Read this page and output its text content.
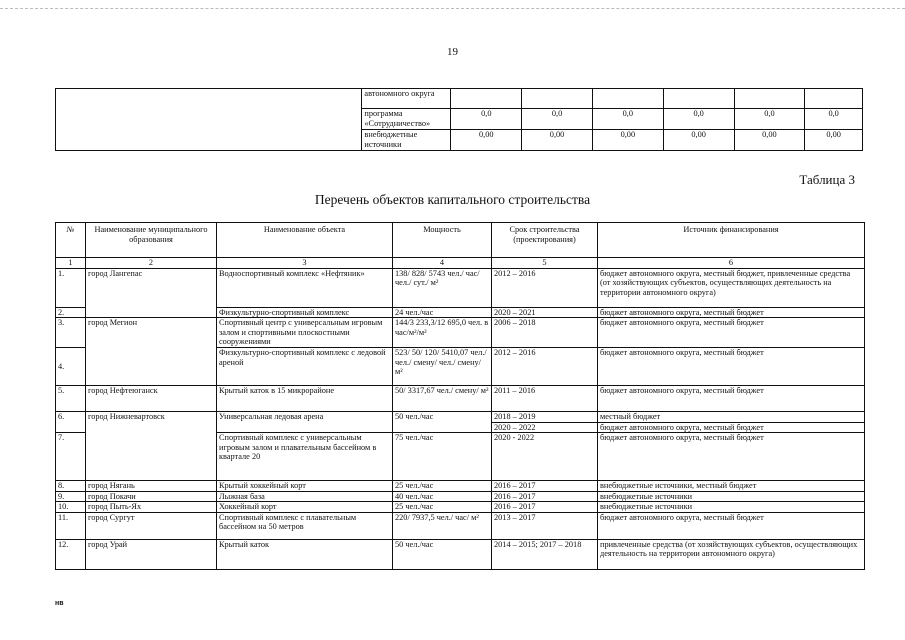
19
	автономного округа						
	программа «Сотрудничество»	0,0	0,0	0,0	0,0	0,0	0,0
	внебюджетные источники	0,00	0,00	0,00	0,00	0,00	0,00
Таблица 3
Перечень объектов капитального строительства
№	Наименование муниципального образования	Наименование объекта	Мощность	Срок строительства (проектирования)	Источник финансирования
1	2	3	4	5	6
1.	город Лангепас	Водноспортивный комплекс «Нефтяник»	138/ 828/ 5743 чел./ час/ чел./ сут./ м²	2012 – 2016	бюджет автономного округа, местный бюджет, привлеченные средства (от хозяйствующих субъектов, осуществляющих деятельность на территории автономного округа)
2.		Физкультурно-спортивный комплекс	24 чел./час	2020 – 2021	бюджет автономного округа, местный бюджет
3.	город Мегион	Спортивный центр с универсальным игровым залом и спортивными плоскостными сооружениями	144/3 233,3/12 695,0 чел. в час/м²/м²	2006 – 2018	бюджет автономного округа, местный бюджет
4.		Физкультурно-спортивный комплекс с ледовой ареной	523/ 50/ 120/ 5410,07 чел./ чел./ смену/ чел./ смену/ м²	2012 – 2016	бюджет автономного округа, местный бюджет
5.	город Нефтеюганск	Крытый каток в 15 микрорайоне	50/ 3317,67 чел./ смену/ м²	2011 – 2016	бюджет автономного округа, местный бюджет
6.	город Нижневартовск	Универсальная ледовая арена	50 чел./час	2018 – 2019	местный бюджет
				2020 – 2022	бюджет автономного округа, местный бюджет
7.		Спортивный комплекс с универсальным игровым залом и плавательным бассейном в квартале 20	75 чел./час	2020 - 2022	бюджет автономного округа, местный бюджет
8.	город Нягань	Крытый хоккейный корт	25 чел./час	2016 – 2017	внебюджетные источники, местный бюджет
9.	город Покачи	Лыжная база	40 чел./час	2016 – 2017	внебюджетные источники
10.	город Пыть-Ях	Хоккейный корт	25 чел./час	2016 – 2017	внебюджетные источники
11.	город Сургут	Спортивный комплекс с плавательным бассейном на 50 метров	220/ 7937,5 чел./ час/ м²	2013 – 2017	бюджет автономного округа, местный бюджет
12.	город Урай	Крытый каток	50 чел./час	2014 – 2015; 2017 – 2018	привлеченные средства (от хозяйствующих субъектов, осуществляющих деятельность на территории автономного округа)
нв
